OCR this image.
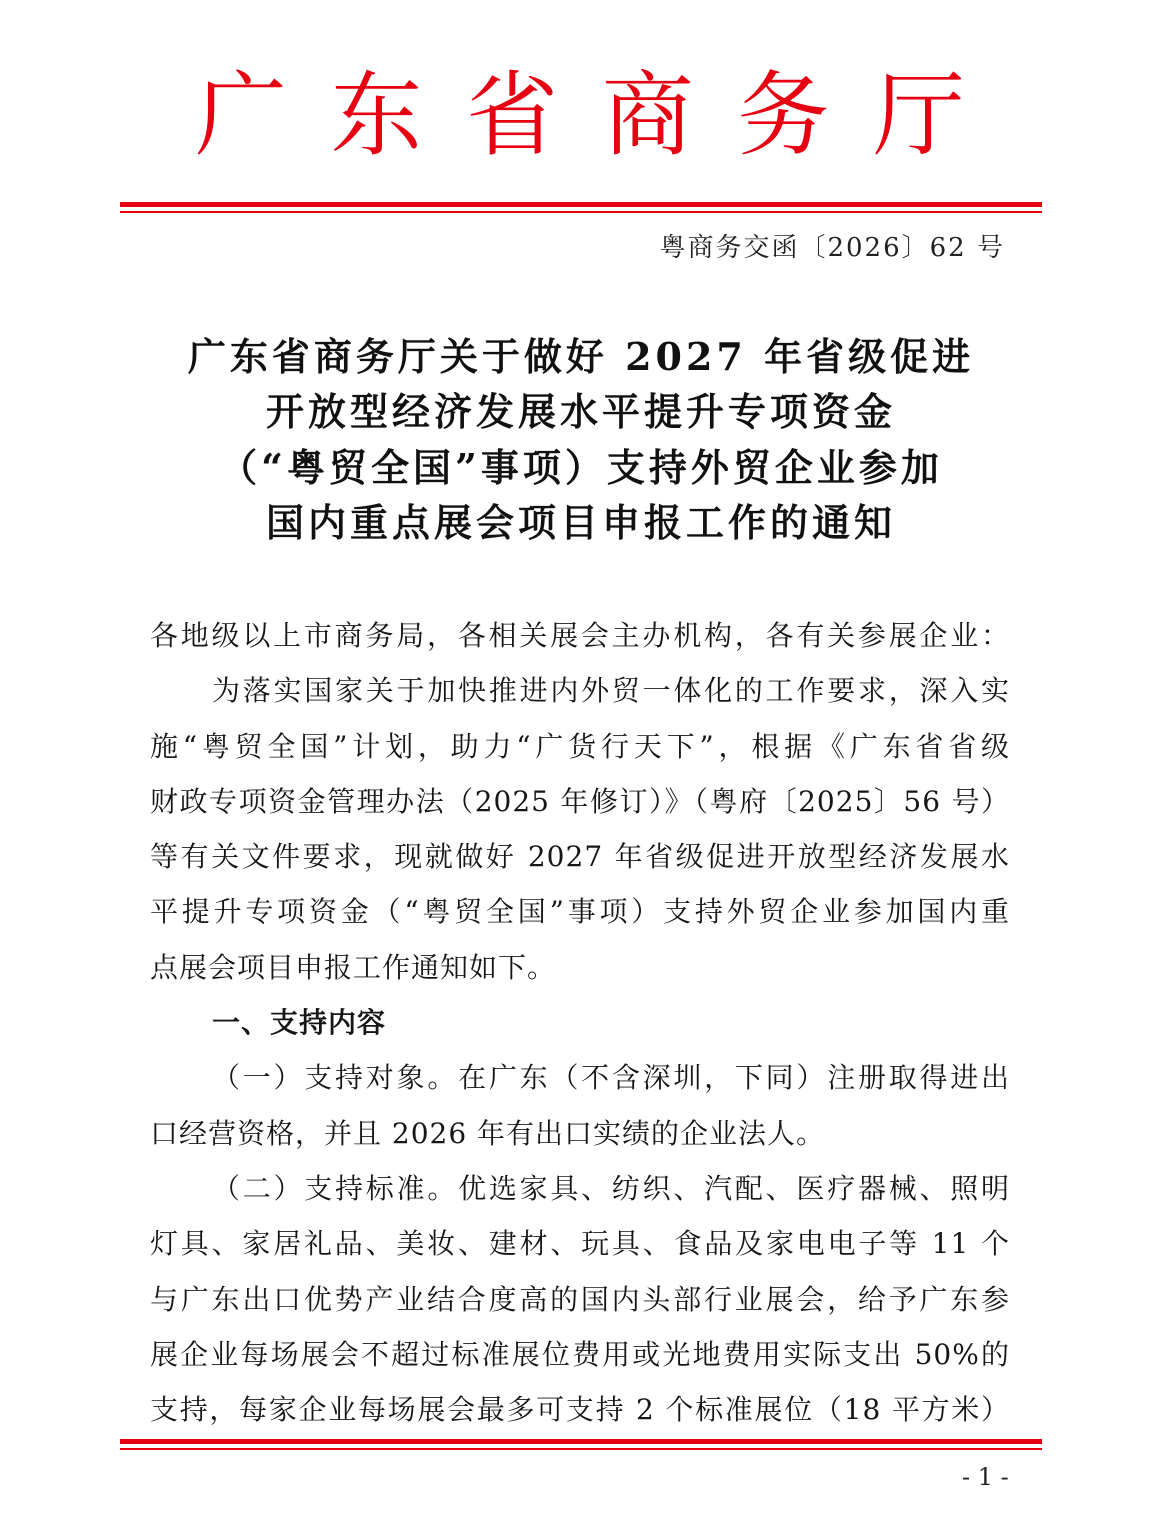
广 东 省 商 务 厅
粤商务交函〔2026〕62 号
广东省商务厅关于做好 2027 年省级促进
开放型经济发展水平提升专项资金
（“粤贸全国”事项）支持外贸企业参加
国内重点展会项目申报工作的通知
各地级以上市商务局，各相关展会主办机构，各有关参展企业：
为落实国家关于加快推进内外贸一体化的工作要求，深入实
施“粤贸全国”计划，助力“广货行天下”，根据《广东省省级
财政专项资金管理办法（2025 年修订）》（粤府〔2025〕56 号）
等有关文件要求，现就做好 2027 年省级促进开放型经济发展水
平提升专项资金（“粤贸全国”事项）支持外贸企业参加国内重
点展会项目申报工作通知如下。
一、支持内容
（一）支持对象。在广东（不含深圳，下同）注册取得进出
口经营资格，并且 2026 年有出口实绩的企业法人。
（二）支持标准。优选家具、纺织、汽配、医疗器械、照明
灯具、家居礼品、美妆、建材、玩具、食品及家电电子等 11 个
与广东出口优势产业结合度高的国内头部行业展会，给予广东参
展企业每场展会不超过标准展位费用或光地费用实际支出 50%的
支持，每家企业每场展会最多可支持 2 个标准展位（18 平方米）
- 1 -
